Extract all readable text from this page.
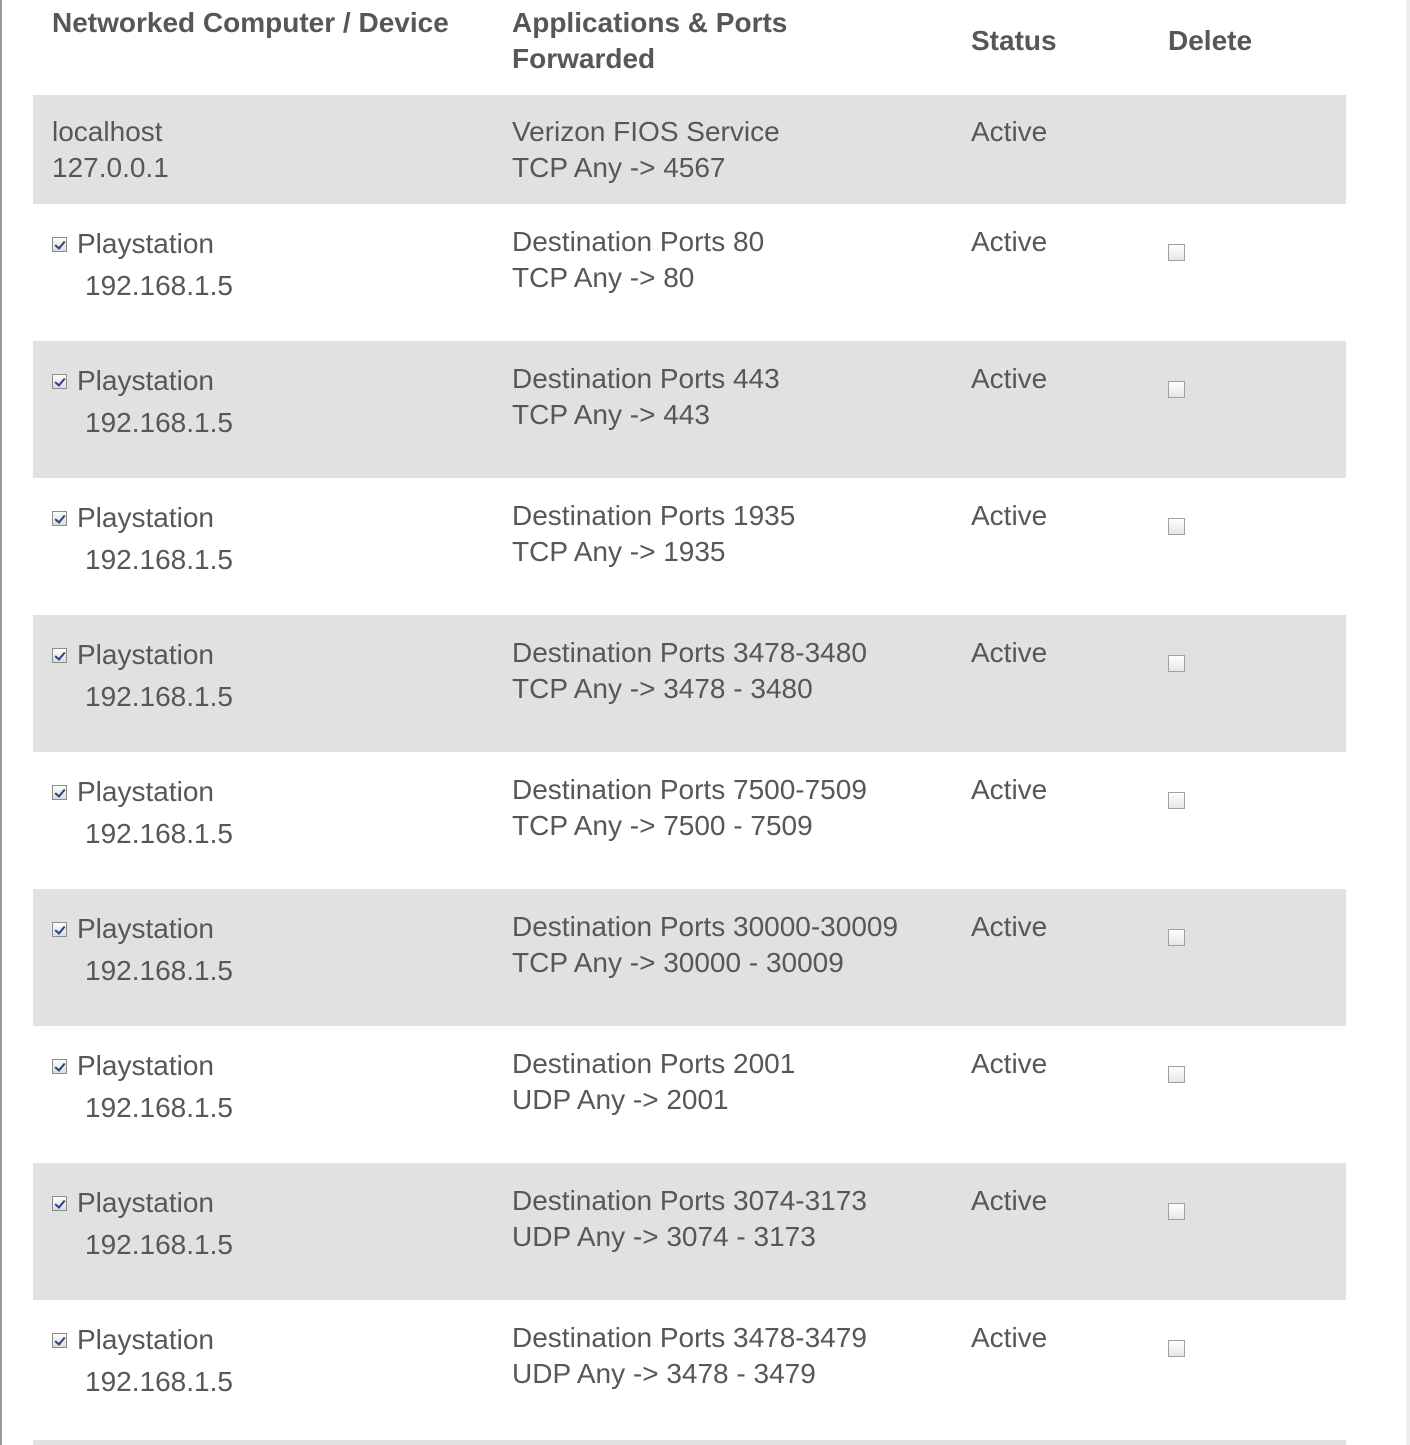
Networked Computer / Device	Applications & Ports Forwarded
Status	Delete
localhost
127.0.0.1
Verizon FIOS Service
TCP Any -> 4567
Active
Playstation
192.168.1.5
Destination Ports 80
TCP Any -> 80
Active
Playstation
192.168.1.5
Destination Ports 443
TCP Any -> 443
Active
Playstation
192.168.1.5
Destination Ports 1935
TCP Any -> 1935
Active
Playstation
192.168.1.5
Destination Ports 3478-3480
TCP Any -> 3478 - 3480
Active
Playstation
192.168.1.5
Destination Ports 7500-7509
TCP Any -> 7500 - 7509
Active
Playstation
192.168.1.5
Destination Ports 30000-30009
TCP Any -> 30000 - 30009
Active
Playstation
192.168.1.5
Destination Ports 2001
UDP Any -> 2001
Active
Playstation
192.168.1.5
Destination Ports 3074-3173
UDP Any -> 3074 - 3173
Active
Playstation
192.168.1.5
Destination Ports 3478-3479
UDP Any -> 3478 - 3479
Active
